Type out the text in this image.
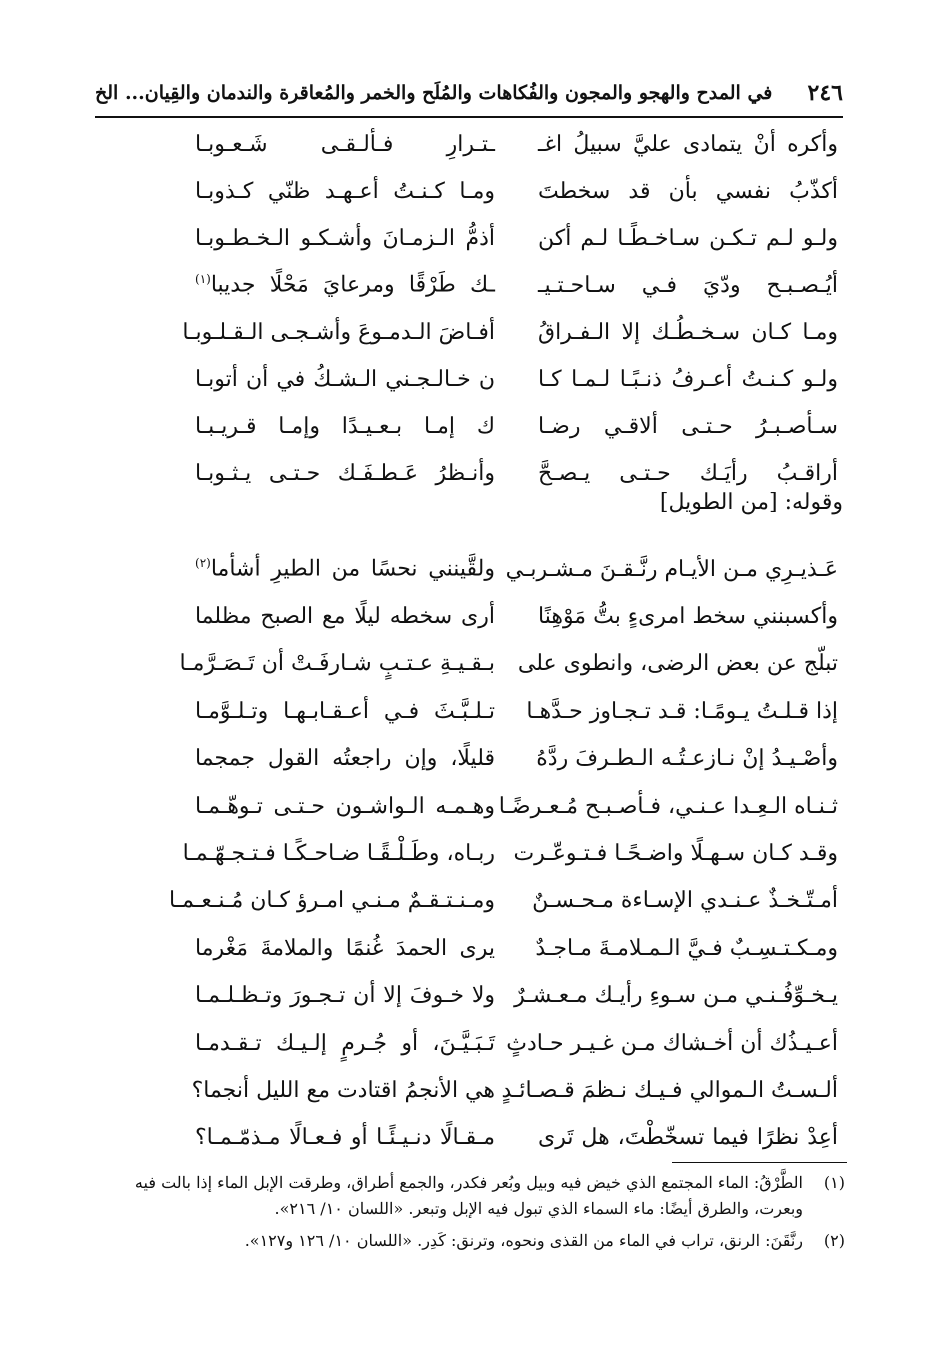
٢٤٦
في المدح والهجو والمجون والفُكاهات والمُلَح والخمر والمُعاقرة والندمان والقِيان... الخ
وأكره أنْ يتمادى عليَّ سبيلُ اغـ
ـتـرارِ فـألـقـى شَـعـوبـا
أكذّبُ نفسي بأن قد سخطتَ
ومـا كـنـتُ أعـهـد ظنّي كـذوبـا
ولـو لـم تـكـن سـاخـطًـا لـم أكن
أذمُّ الـزمـانَ وأشـكـو الـخـطـوبـا
أيُـصـبـح ودّيَ فـي سـاحـتـيـ
ـك طَرْقًا ومرعايَ مَحْلًا جديبا$^{(١)}$
ومـا كـان سـخـطُـك إلا الـفـراقُ
أفـاضَ الـدمـوعَ وأشـجـى الـقـلـوبـا
ولـو كـنـتُ أعـرفُ ذنـبًـا لـمـا كـا
ن خـالـجـني الـشـكُ في أن أتوبـا
سـأصـبـرُ حـتـى ألاقـي رضـا
ك إمـا بـعـيـدًا وإمـا قـريـبـا
أراقـبُ رأيَـك حـتـى يـصـحَّ
وأنـظرُ عَـطـفَـك حـتـى يـثـوبـا
وقوله: [من الطويل]
عَـذيـرِي مـن الأيـام رنَّـقـنَ مـشـربـي
ولقَّينني نحسًا من الطيرِ أشأما$^{(٢)}$
وأكسبنني سخط امرىءٍ بتُّ مَوْهِنًا
أرى سخطه ليلًا مع الصبح مظلما
تبلّج عن بعض الرضى، وانطوى على
بـقـيـةِ عـتـبٍ شـارفَـتْ أن تَـصَـرَّمـا
إذا قـلـتُ يـومًـا: قـد تـجـاوز حـدَّهـا
تـلـبَّـثَ فـي أعـقـابـهـا وتـلـوَّمـا
وأصْـيـدُ إنْ نـازعـتُـه الـطـرفَ ردَّهُ
قليلًا، وإن راجعتُه القول جمجما
ثـنـاه الـعِـدا عـنـي، فـأصـبـح مُـعـرضًـا
وهـمـه الـواشـون حـتـى تـوهّـمـا
وقـد كـان سـهـلًا واضـحًـا فـتـوعّـرت
ربـاه، وطَـلْـقًـا ضـاحـكًـا فـتـجـهّـمـا
أمـتّـخـذٌ عـنـدي الإسـاءة مـحـسـنٌ
ومـنـتـقـمٌ مـنـي امـرؤ كـان مُـنـعـمـا
ومـكـتـسِـبٌ فـيَّ الـمـلامـةَ مـاجـدٌ
يرى الحمدَ غُنمًا والملامةَ مَغْرما
يـخـوِّفُـنـي مـن سـوءِ رأيـك مـعـشـرٌ
ولا خـوفَ إلا أن تـجـورَ وتـظـلـمـا
أعـيـذُك أن أخـشاك مـن غـيـر حـادثٍ
تَـبَـيَّـنَ، أو جُـرمٍ إلـيـك تـقـدمـا
ألـسـتُ الـموالي فـيـك نـظمَ قـصـائـدٍ
هي الأنجمُ اقتادت مع الليل أنجما؟
أعِدْ نظرًا فيما تسخّطْتَ، هل تَرى
مـقـالًا دنـيـئًـا أو فـعـالًا مـذمّـمـا؟
(١)
الطَّرْقُ: الماء المجتمع الذي خيض فيه وبيل وبُعر فكدر، والجمع أطراق، وطرقت الإبل الماء إذا بالت فيه وبعرت، والطرق أيضًا: ماء السماء الذي تبول فيه الإبل وتبعر. «اللسان ١٠/ ٢١٦».
(٢)
رنَّقَنَ: الرنق، تراب في الماء من القذى ونحوه، وترنق: كَدِر. «اللسان ١٠/ ١٢٦ و١٢٧».
